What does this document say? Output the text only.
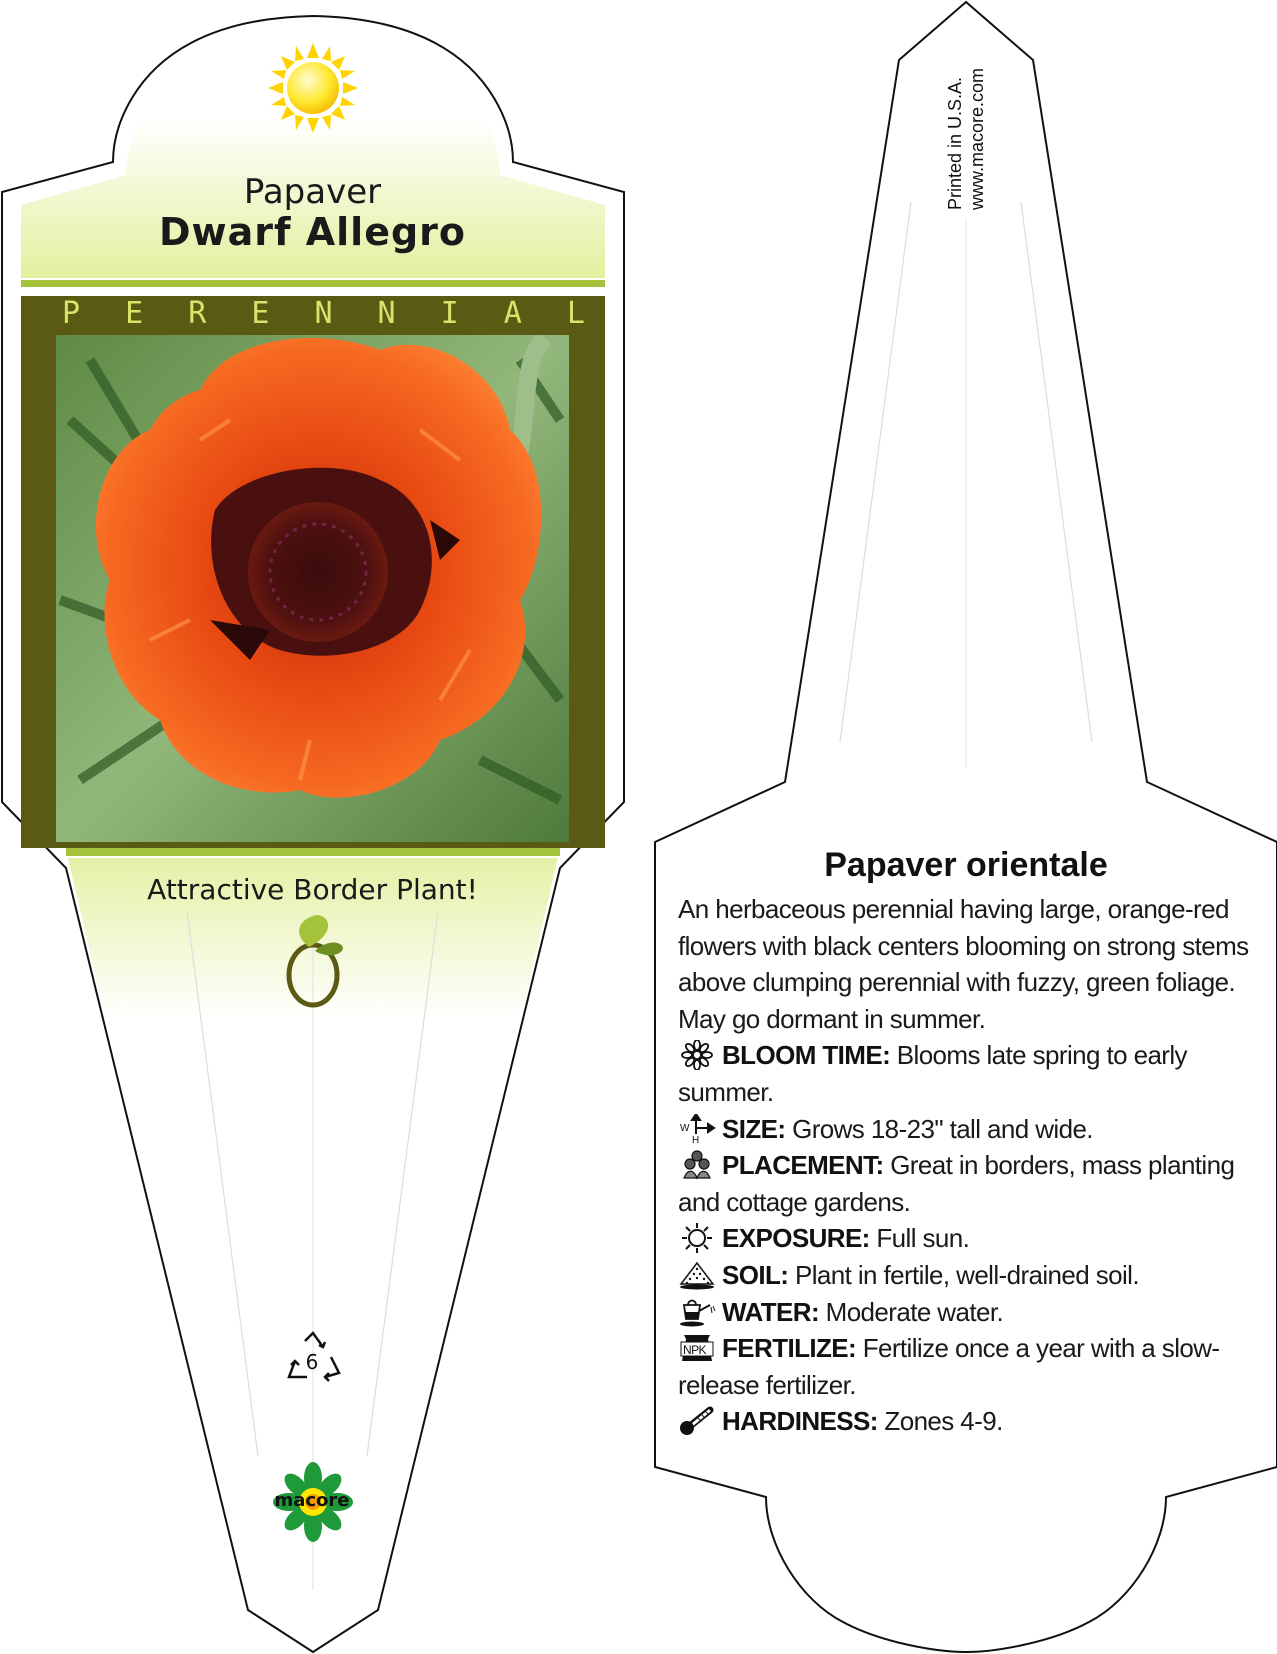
Papaver
Dwarf Allegro
P E R E N N I A L
Attractive Border Plant!
6
macore
Printed in U.S.A. www.macore.com
Papaver orientale

An herbaceous perennial having large, orange-red flowers with black centers blooming on strong stems above clumping perennial with fuzzy, green foliage. May go dormant in summer.

BLOOM TIME: Blooms late spring to early summer.

W
H SIZE: Grows 18-23" tall and wide.

PLACEMENT: Great in borders, mass planting and cottage gardens.

EXPOSURE: Full sun.

SOIL: Plant in fertile, well-drained soil.

WATER: Moderate water.

NPK FERTILIZE: Fertilize once a year with a slow-release fertilizer.

HARDINESS: Zones 4-9.
